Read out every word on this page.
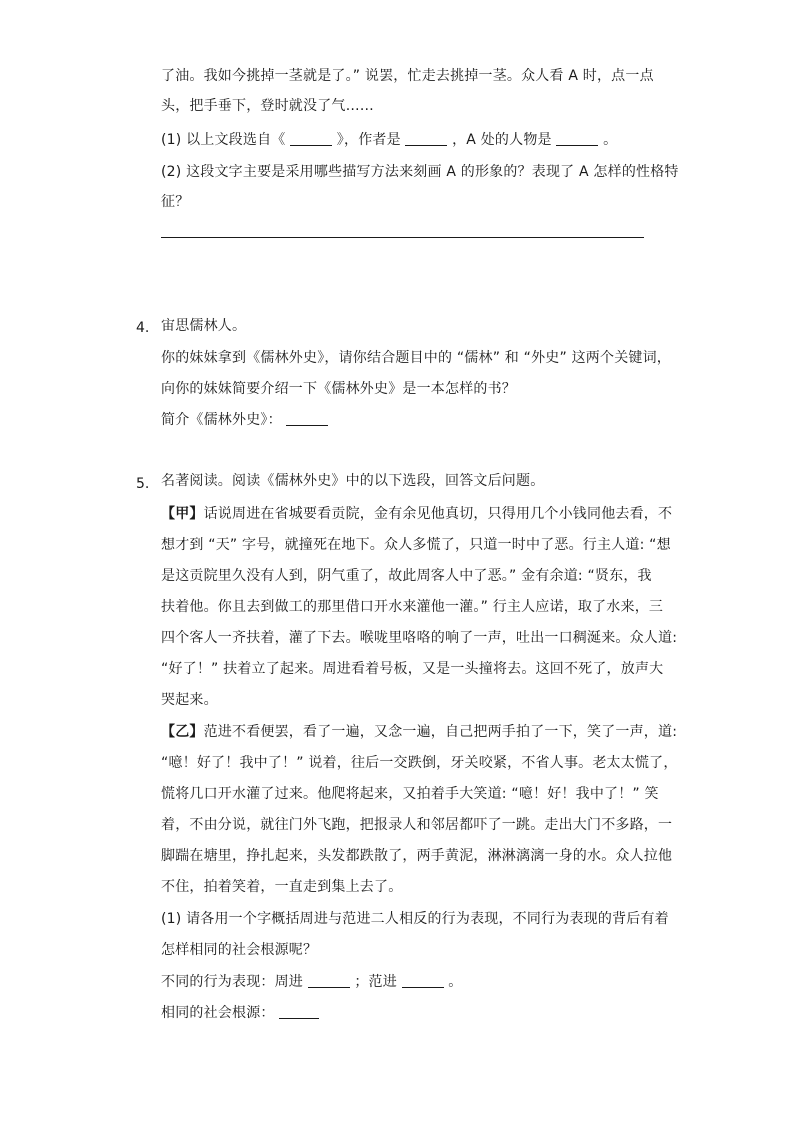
了油。我如今挑掉一茎就是了。” 说罢，忙走去挑掉一茎。众人看 A 时，点一点
头，把手垂下，登时就没了气……
(1) 以上文段选自《	》，作者是	，A 处的人物是	。
(2) 这段文字主要是采用哪些描写方法来刻画 A 的形象的？表现了 A 怎样的性格特
征？
4. 宙思儒林人。
你的妹妹拿到《儒林外史》，请你结合题目中的 “儒林” 和 “外史” 这两个关键词，
向你的妹妹简要介绍一下《儒林外史》是一本怎样的书？
简介《儒林外史》：
5. 名著阅读。阅读《儒林外史》中的以下选段，回答文后问题。
【甲】话说周进在省城要看贡院，金有余见他真切，只得用几个小钱同他去看，不
想才到 “天” 字号，就撞死在地下。众人多慌了，只道一时中了恶。行主人道: “想
是这贡院里久没有人到，阴气重了，故此周客人中了恶。” 金有余道: “贤东，我
扶着他。你且去到做工的那里借口开水来灌他一灌。” 行主人应诺，取了水来，三
四个客人一齐扶着，灌了下去。喉咙里咯咯的响了一声，吐出一口稠涎来。众人道:
“好了！” 扶着立了起来。周进看着号板，又是一头撞将去。这回不死了，放声大
哭起来。
【乙】范进不看便罢，看了一遍，又念一遍，自己把两手拍了一下，笑了一声，道:
“噫！好了！我中了！” 说着，往后一交跌倒，牙关咬紧，不省人事。老太太慌了，
慌将几口开水灌了过来。他爬将起来，又拍着手大笑道: “噫！好！我中了！” 笑
着，不由分说，就往门外飞跑，把报录人和邻居都吓了一跳。走出大门不多路，一
脚踹在塘里，挣扎起来，头发都跌散了，两手黄泥，淋淋漓漓一身的水。众人拉他
不住，拍着笑着，一直走到集上去了。
(1) 请各用一个字概括周进与范进二人相反的行为表现，不同行为表现的背后有着
怎样相同的社会根源呢？
不同的行为表现：周进	；范进	。
相同的社会根源：
